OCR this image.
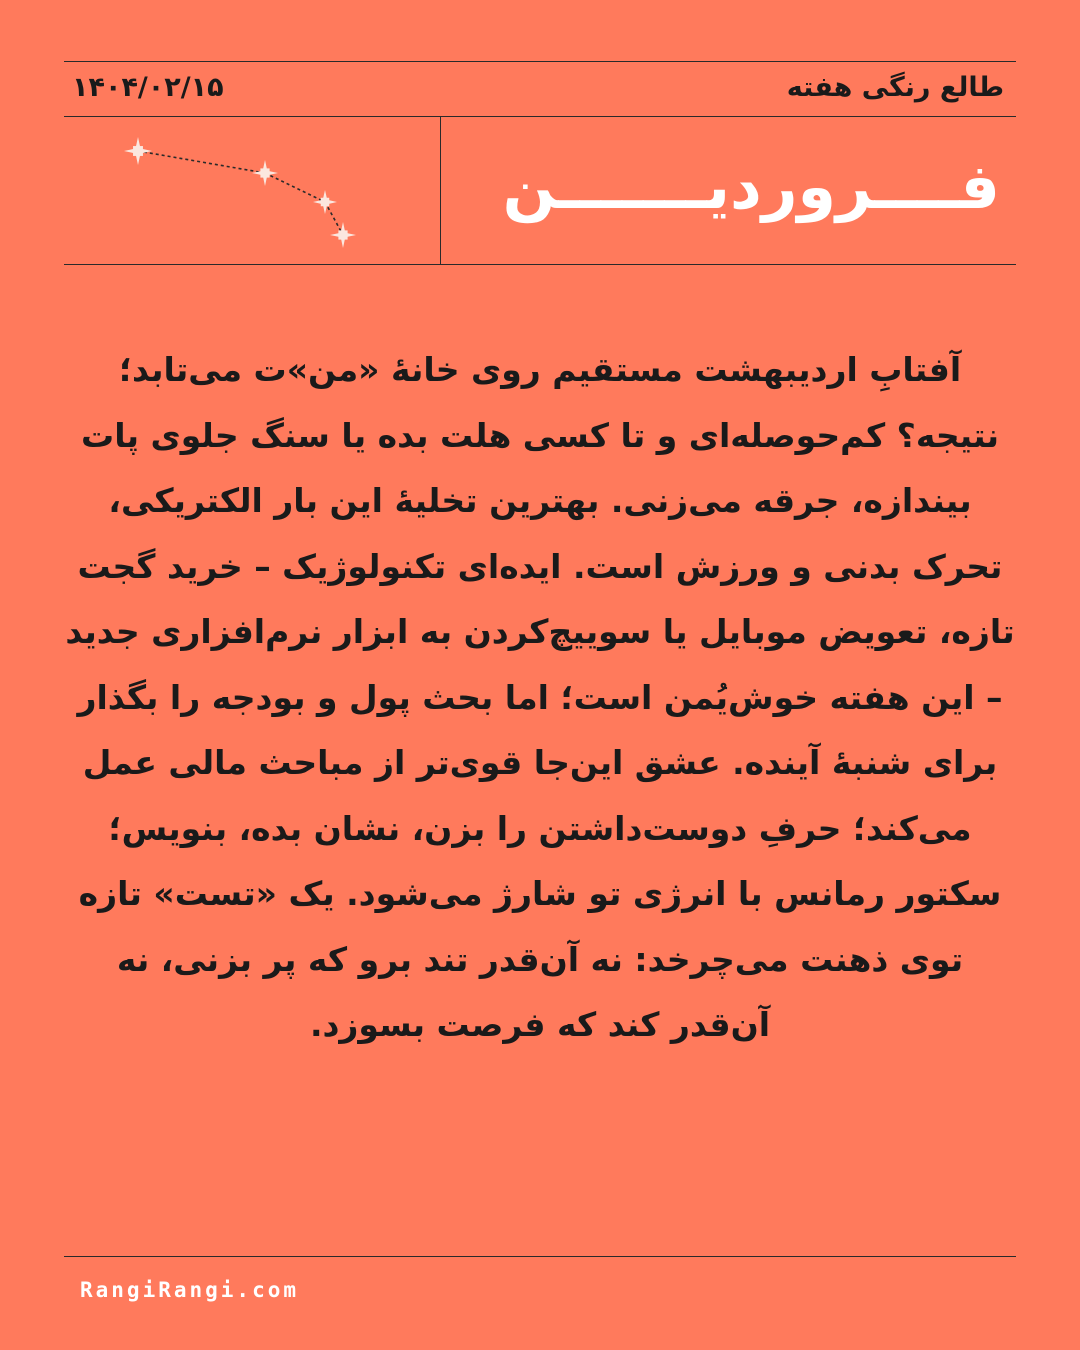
طالع رنگی هفته
۱۴۰۴/۰۲/۱۵
فــــروردیـــــــن
آفتابِ اردیبهشت مستقیم روی خانهٔ «من»ت می‌تابد؛ نتیجه؟ کم‌حوصله‌ای و تا کسی هلت بده یا سنگ جلوی پات بیندازه، جرقه می‌زنی. بهترین تخلیهٔ این بار الکتریکی، تحرک بدنی و ورزش است. ایده‌ای تکنولوژیک – خرید گجت تازه، تعویض موبایل یا سوییچ‌کردن به ابزار نرم‌افزاری جدید – این هفته خوش‌یُمن است؛ اما بحث پول و بودجه را بگذار برای شنبهٔ آینده. عشق این‌جا قوی‌تر از مباحث مالی عمل می‌کند؛ حرفِ دوست‌داشتن را بزن، نشان بده، بنویس؛ سکتور رمانس با انرژی تو شارژ می‌شود. یک «تست» تازه توی ذهنت می‌چرخد: نه آن‌قدر تند برو که پر بزنی، نه آن‌قدر کند که فرصت بسوزد.
RangiRangi.com
